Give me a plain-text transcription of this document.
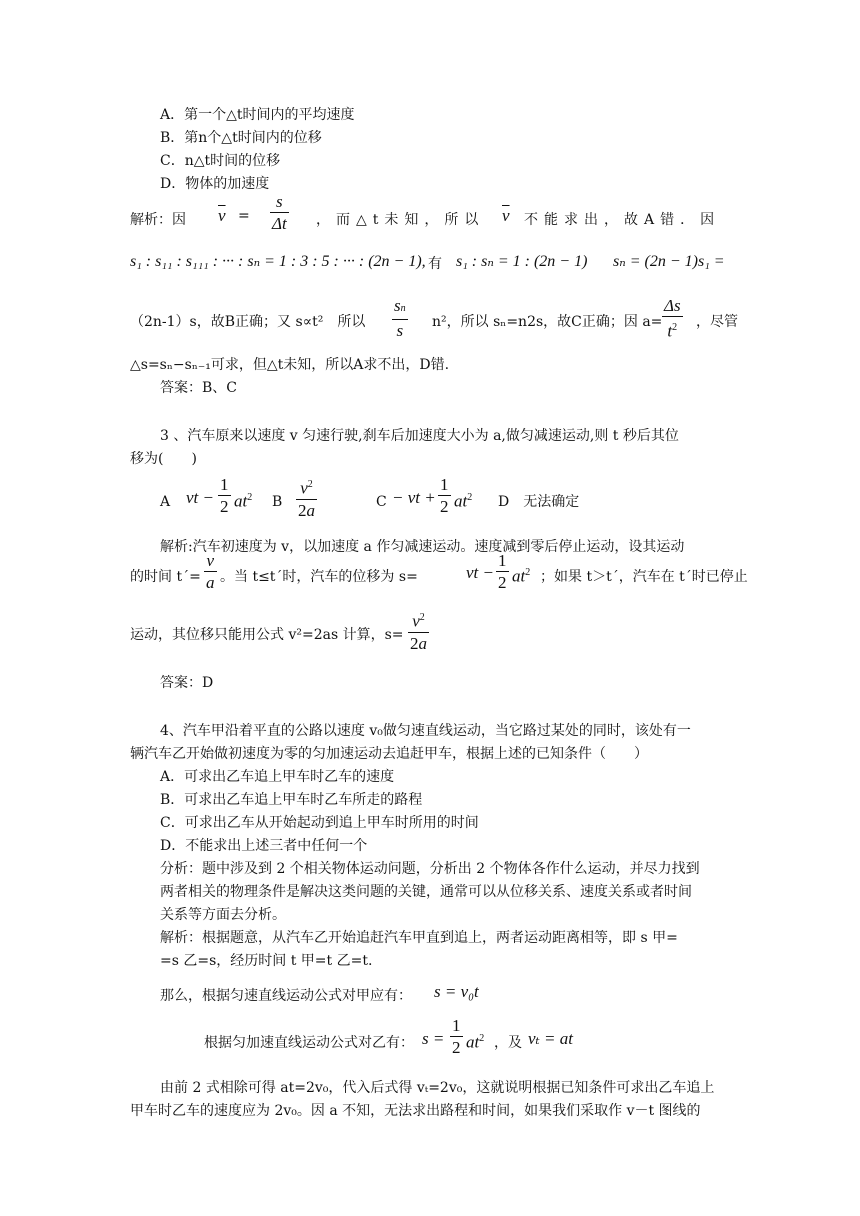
A．第一个△t时间内的平均速度
B．第n个△t时间内的位移
C．n△t时间的位移
D．物体的加速度
解析：因 $\overline{v} = \frac{s}{\Delta t}$ ，而△t未知，所以 $\overline{v}$ 不能求出，故A错．因
s₁ : s₁₁ : s₁₁₁ : ··· : sₙ = 1 : 3 : 5 : ··· : (2n − 1), 有 s₁ : sₙ = 1 : (2n − 1) sₙ = (2n − 1)s₁ =
（2n-1）s，故B正确；又 s∝t²　所以 $\frac{sn}{s} n^2$，所以 sₙ=n2s，故C正确；因 $a= \frac{\Delta s}{t^2}$ ，尽管
△s=sₙ−sₙ₋₁可求，但△t未知，所以A求不出，D错.
答案：B、C
3 、汽车原来以速度 v 匀速行驶,刹车后加速度大小为 a,做匀减速运动,则 t 秒后其位
移为(　　)
A vt − $\frac{1}{2} at^2$ B $\frac{v^2}{2a}$	C − vt + $\frac{1}{2} at^2$ D　无法确定
解析:汽车初速度为 v，以加速度 a 作匀减速运动。速度减到零后停止运动，设其运动
的时间 tˊ= $\frac{v}{a}$ 。当 t≤tˊ时，汽车的位移为 s=	vt − $\frac{1}{2} at^2$ ；如果 t＞tˊ，汽车在 tˊ时已停止
运动，其位移只能用公式 v²=2as 计算，$s= \frac{v^2}{2a}$
答案：D
4、汽车甲沿着平直的公路以速度 v₀做匀速直线运动，当它路过某处的同时，该处有一
辆汽车乙开始做初速度为零的匀加速运动去追赶甲车，根据上述的已知条件（　　）
A．可求出乙车追上甲车时乙车的速度
B．可求出乙车追上甲车时乙车所走的路程
C．可求出乙车从开始起动到追上甲车时所用的时间
D．不能求出上述三者中任何一个
分析：题中涉及到 2 个相关物体运动问题，分析出 2 个物体各作什么运动，并尽力找到
两者相关的物理条件是解决这类问题的关键，通常可以从位移关系、速度关系或者时间
关系等方面去分析。
解析：根据题意，从汽车乙开始追赶汽车甲直到追上，两者运动距离相等，即 s 甲=
=s 乙=s，经历时间 t 甲=t 乙=t.
那么，根据匀速直线运动公式对甲应有： s = v₀t
根据匀加速直线运动公式对乙有： $s = \frac{1}{2} at^2$ ，及 vₜ = at
由前 2 式相除可得 at=2v₀，代入后式得 vₜ=2v₀，这就说明根据已知条件可求出乙车追上
甲车时乙车的速度应为 2v₀。因 a 不知，无法求出路程和时间，如果我们采取作 v－t 图线的
